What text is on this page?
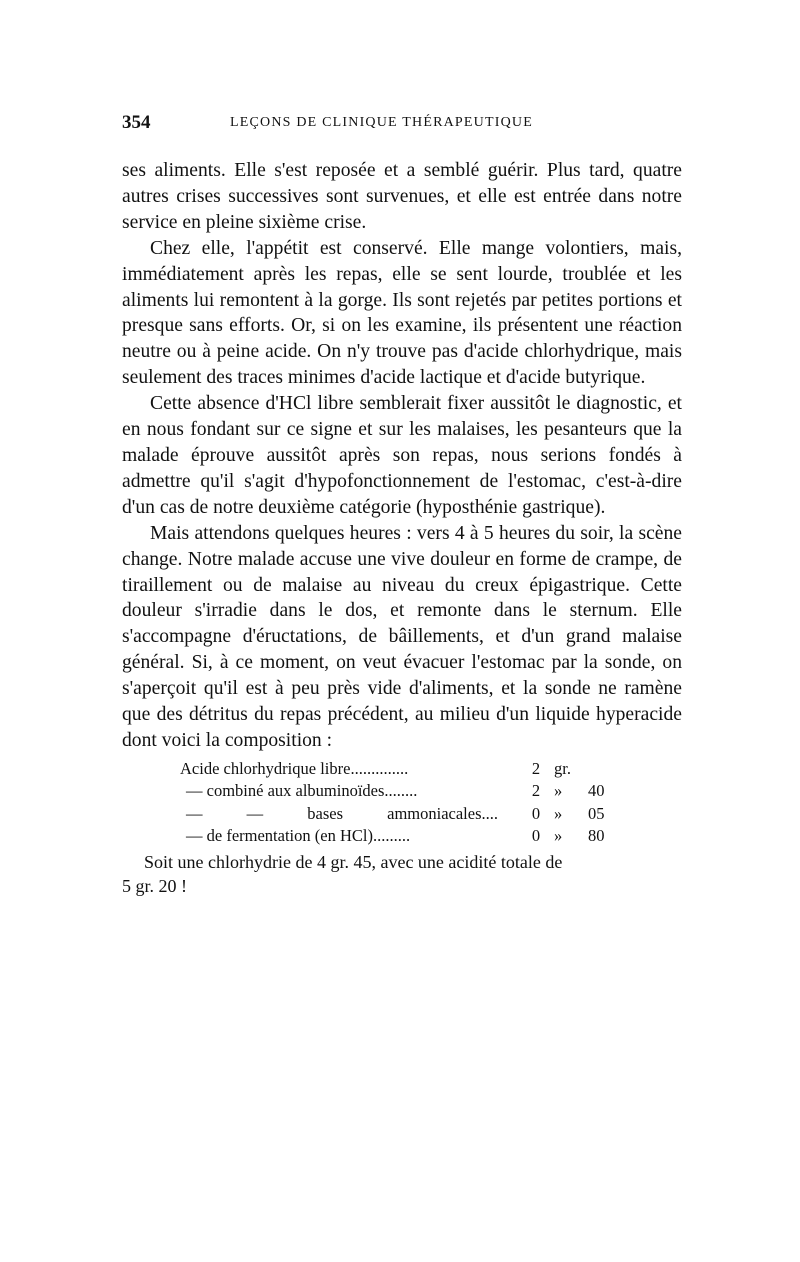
354	LEÇONS DE CLINIQUE THÉRAPEUTIQUE

ses aliments. Elle s'est reposée et a semblé guérir. Plus tard, quatre autres crises successives sont survenues, et elle est entrée dans notre service en pleine sixième crise.

Chez elle, l'appétit est conservé. Elle mange volontiers, mais, immédiatement après les repas, elle se sent lourde, troublée et les aliments lui remontent à la gorge. Ils sont rejetés par petites portions et presque sans efforts. Or, si on les examine, ils présentent une réaction neutre ou à peine acide. On n'y trouve pas d'acide chlorhydrique, mais seulement des traces minimes d'acide lactique et d'acide butyrique.

Cette absence d'HCl libre semblerait fixer aussitôt le diagnostic, et en nous fondant sur ce signe et sur les malaises, les pesanteurs que la malade éprouve aussitôt après son repas, nous serions fondés à admettre qu'il s'agit d'hypofonctionnement de l'estomac, c'est-à-dire d'un cas de notre deuxième catégorie (hyposthénie gastrique).

Mais attendons quelques heures : vers 4 à 5 heures du soir, la scène change. Notre malade accuse une vive douleur en forme de crampe, de tiraillement ou de malaise au niveau du creux épigastrique. Cette douleur s'irradie dans le dos, et remonte dans le sternum. Elle s'accompagne d'éructations, de bâillements, et d'un grand malaise général. Si, à ce moment, on veut évacuer l'estomac par la sonde, on s'aperçoit qu'il est à peu près vide d'aliments, et la sonde ne ramène que des détritus du repas précédent, au milieu d'un liquide hyperacide dont voici la composition :

Acide chlorhydrique libre..............	2 gr.
— combiné aux albuminoïdes........	2 » 40
— — bases ammoniacales.... 0 » 05
— de fermentation (en HCl).........	0 » 80

Soit une chlorhydrie de 4 gr. 45, avec une acidité totale de

5 gr. 20 !
